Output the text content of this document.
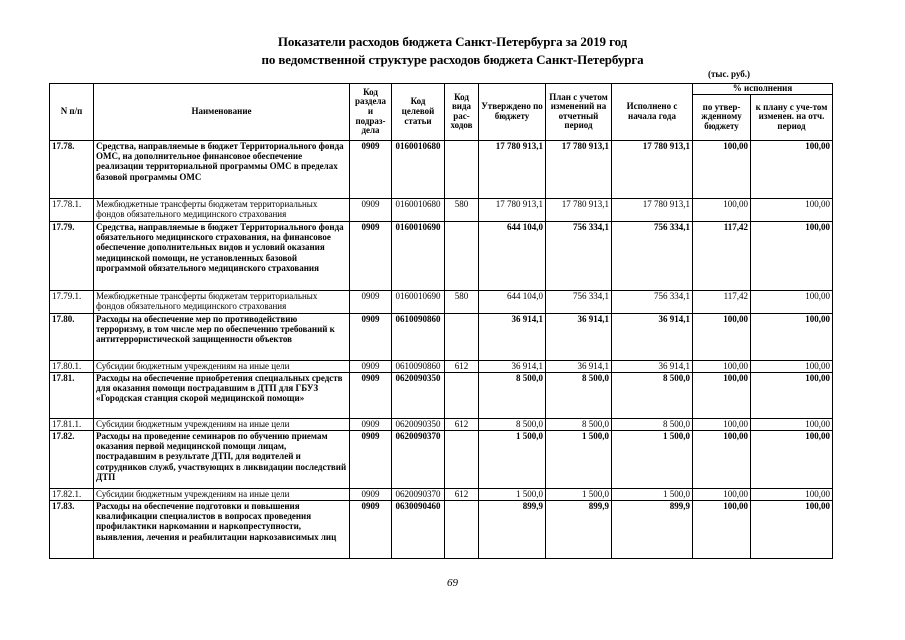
Показатели расходов бюджета Санкт-Петербурга за 2019 год
по ведомственной структуре расходов бюджета Санкт-Петербурга
(тыс. руб.)
N п/п	Наименование	Код раздела и подраз-дела	Код целевой статьи	Код вида рас-ходов	Утверждено по бюджету	План с учетом изменений на отчетный период	Исполнено с начала года	% исполнения	
								по утвер-жденному бюджету	к плану с уче-том изменен. на отч. период
17.78.	Средства, направляемые в бюджет Территориального фонда ОМС, на дополнительное финансовое обеспечение реализации территориальной программы ОМС в пределах базовой программы ОМС	0909	0160010680		17 780 913,1	17 780 913,1	17 780 913,1	100,00	100,00
17.78.1.	Межбюджетные трансферты бюджетам территориальных фондов обязательного медицинского страхования	0909	0160010680	580	17 780 913,1	17 780 913,1	17 780 913,1	100,00	100,00
17.79.	Средства, направляемые в бюджет Территориального фонда обязательного медицинского страхования, на финансовое обеспечение дополнительных видов и условий оказания медицинской помощи, не установленных базовой программой обязательного медицинского страхования	0909	0160010690		644 104,0	756 334,1	756 334,1	117,42	100,00
17.79.1.	Межбюджетные трансферты бюджетам территориальных фондов обязательного медицинского страхования	0909	0160010690	580	644 104,0	756 334,1	756 334,1	117,42	100,00
17.80.	Расходы на обеспечение мер по противодействию терроризму, в том числе мер по обеспечению требований к антитеррористической защищенности объектов	0909	0610090860		36 914,1	36 914,1	36 914,1	100,00	100,00
17.80.1.	Субсидии бюджетным учреждениям на иные цели	0909	0610090860	612	36 914,1	36 914,1	36 914,1	100,00	100,00
17.81.	Расходы на обеспечение приобретения специальных средств для оказания помощи пострадавшим в ДТП для ГБУЗ «Городская станция скорой медицинской помощи»	0909	0620090350		8 500,0	8 500,0	8 500,0	100,00	100,00
17.81.1.	Субсидии бюджетным учреждениям на иные цели	0909	0620090350	612	8 500,0	8 500,0	8 500,0	100,00	100,00
17.82.	Расходы на проведение семинаров по обучению приемам оказания первой медицинской помощи лицам, пострадавшим в результате ДТП, для водителей и сотрудников служб, участвующих в ликвидации последствий ДТП	0909	0620090370		1 500,0	1 500,0	1 500,0	100,00	100,00
17.82.1.	Субсидии бюджетным учреждениям на иные цели	0909	0620090370	612	1 500,0	1 500,0	1 500,0	100,00	100,00
17.83.	Расходы на обеспечение подготовки и повышения квалификации специалистов в вопросах проведения профилактики наркомании и наркопреступности, выявления, лечения и реабилитации наркозависимых лиц	0909	0630090460		899,9	899,9	899,9	100,00	100,00
69
